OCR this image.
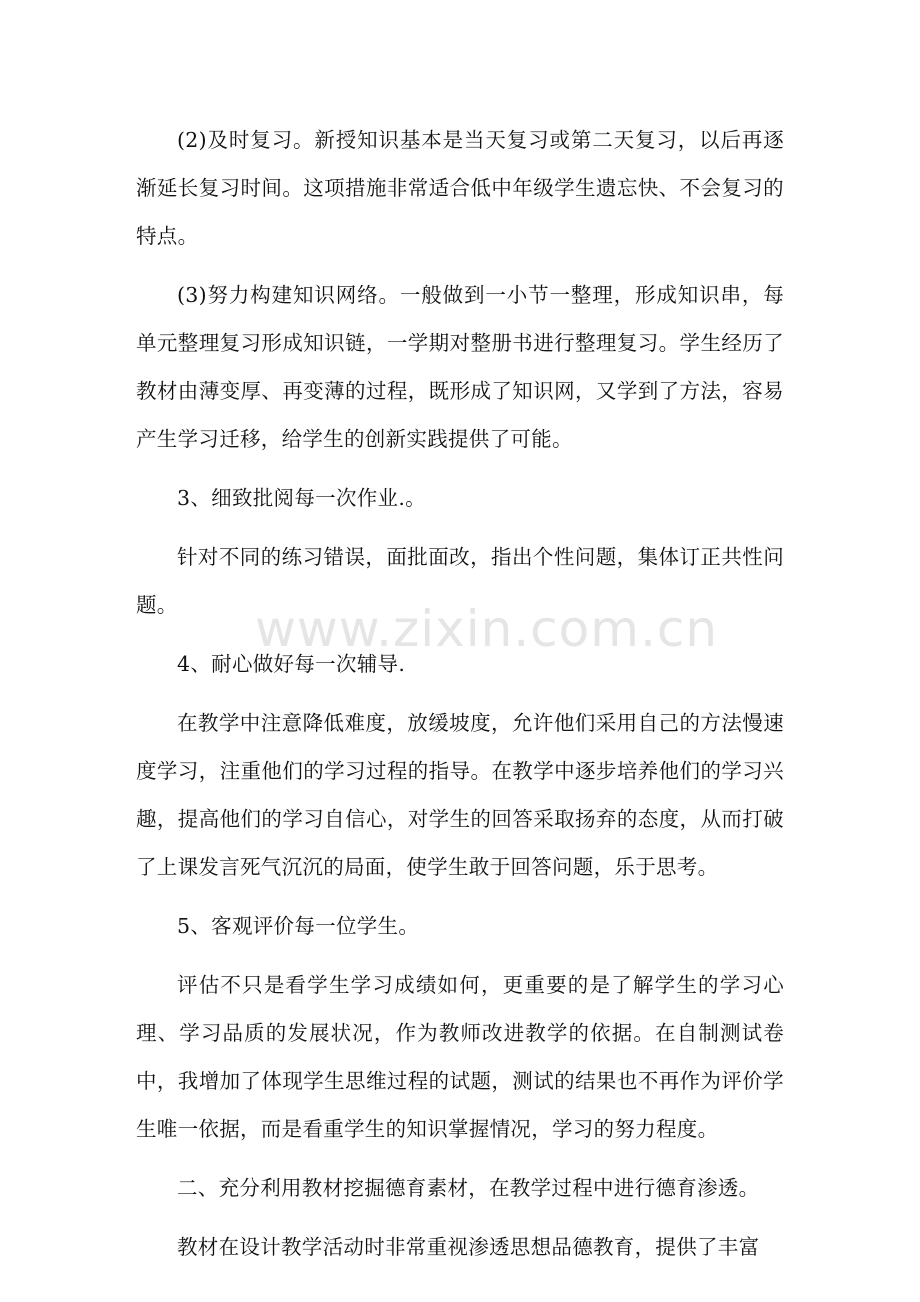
(2)及时复习。新授知识基本是当天复习或第二天复习，以后再逐渐延长复习时间。这项措施非常适合低中年级学生遗忘快、不会复习的特点。

(3)努力构建知识网络。一般做到一小节一整理，形成知识串，每单元整理复习形成知识链，一学期对整册书进行整理复习。学生经历了教材由薄变厚、再变薄的过程，既形成了知识网，又学到了方法，容易产生学习迁移，给学生的创新实践提供了可能。

3、细致批阅每一次作业.。

针对不同的练习错误，面批面改，指出个性问题，集体订正共性问题。

4、耐心做好每一次辅导.

在教学中注意降低难度，放缓坡度，允许他们采用自己的方法慢速度学习，注重他们的学习过程的指导。在教学中逐步培养他们的学习兴趣，提高他们的学习自信心，对学生的回答采取扬弃的态度，从而打破了上课发言死气沉沉的局面，使学生敢于回答问题，乐于思考。

5、客观评价每一位学生。

评估不只是看学生学习成绩如何，更重要的是了解学生的学习心理、学习品质的发展状况，作为教师改进教学的依据。在自制测试卷中，我增加了体现学生思维过程的试题，测试的结果也不再作为评价学生唯一依据，而是看重学生的知识掌握情况，学习的努力程度。

二、充分利用教材挖掘德育素材，在教学过程中进行德育渗透。

教材在设计教学活动时非常重视渗透思想品德教育，提供了丰富

www.zixin.com.cn
